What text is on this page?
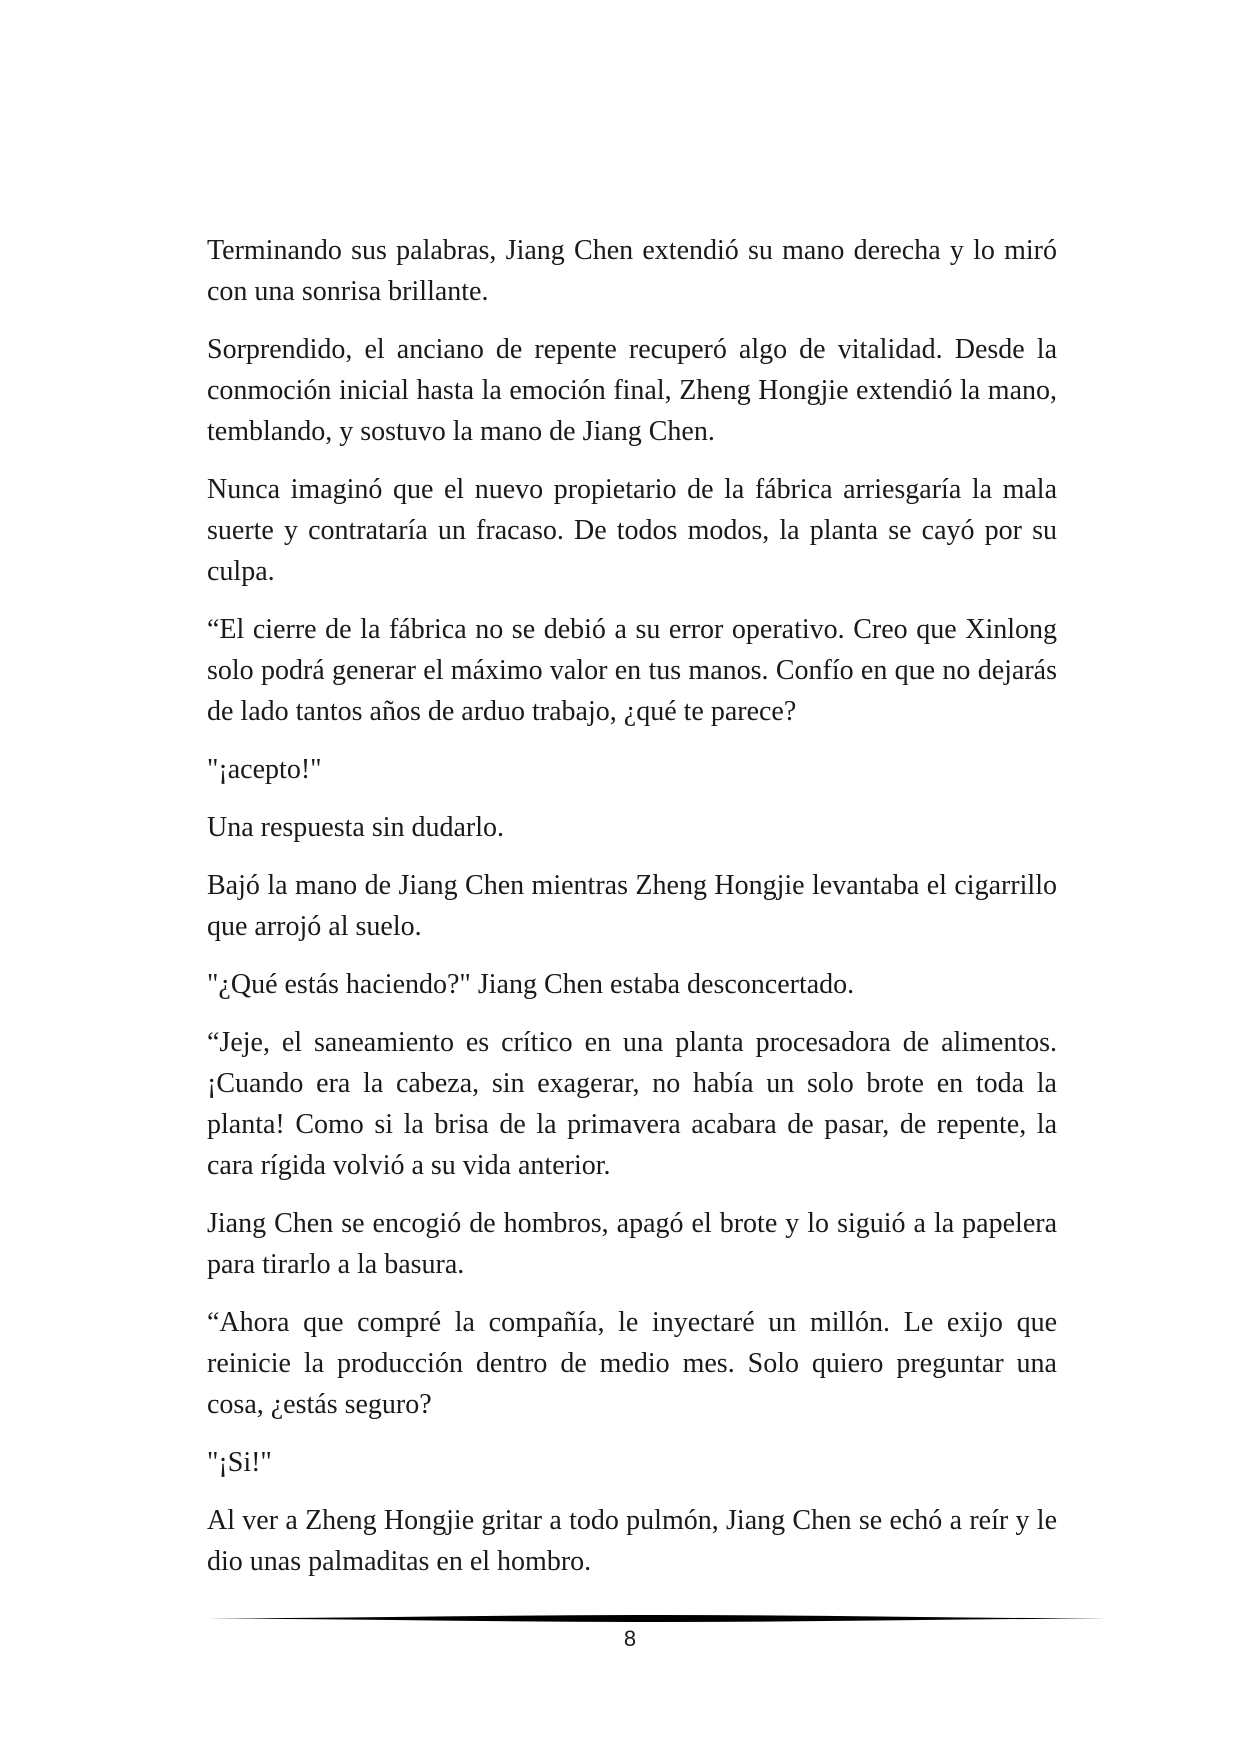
Terminando sus palabras, Jiang Chen extendió su mano derecha y lo miró con una sonrisa brillante.

Sorprendido, el anciano de repente recuperó algo de vitalidad. Desde la conmoción inicial hasta la emoción final, Zheng Hongjie extendió la mano, temblando, y sostuvo la mano de Jiang Chen.

Nunca imaginó que el nuevo propietario de la fábrica arriesgaría la mala suerte y contrataría un fracaso. De todos modos, la planta se cayó por su culpa.

“El cierre de la fábrica no se debió a su error operativo. Creo que Xinlong solo podrá generar el máximo valor en tus manos. Confío en que no dejarás de lado tantos años de arduo trabajo, ¿qué te parece?

"¡acepto!"

Una respuesta sin dudarlo.

Bajó la mano de Jiang Chen mientras Zheng Hongjie levantaba el cigarrillo que arrojó al suelo.

"¿Qué estás haciendo?" Jiang Chen estaba desconcertado.

“Jeje, el saneamiento es crítico en una planta procesadora de alimentos. ¡Cuando era la cabeza, sin exagerar, no había un solo brote en toda la planta! Como si la brisa de la primavera acabara de pasar, de repente, la cara rígida volvió a su vida anterior.

Jiang Chen se encogió de hombros, apagó el brote y lo siguió a la papelera para tirarlo a la basura.

“Ahora que compré la compañía, le inyectaré un millón. Le exijo que reinicie la producción dentro de medio mes. Solo quiero preguntar una cosa, ¿estás seguro?

"¡Si!"

Al ver a Zheng Hongjie gritar a todo pulmón, Jiang Chen se echó a reír y le dio unas palmaditas en el hombro.

8
